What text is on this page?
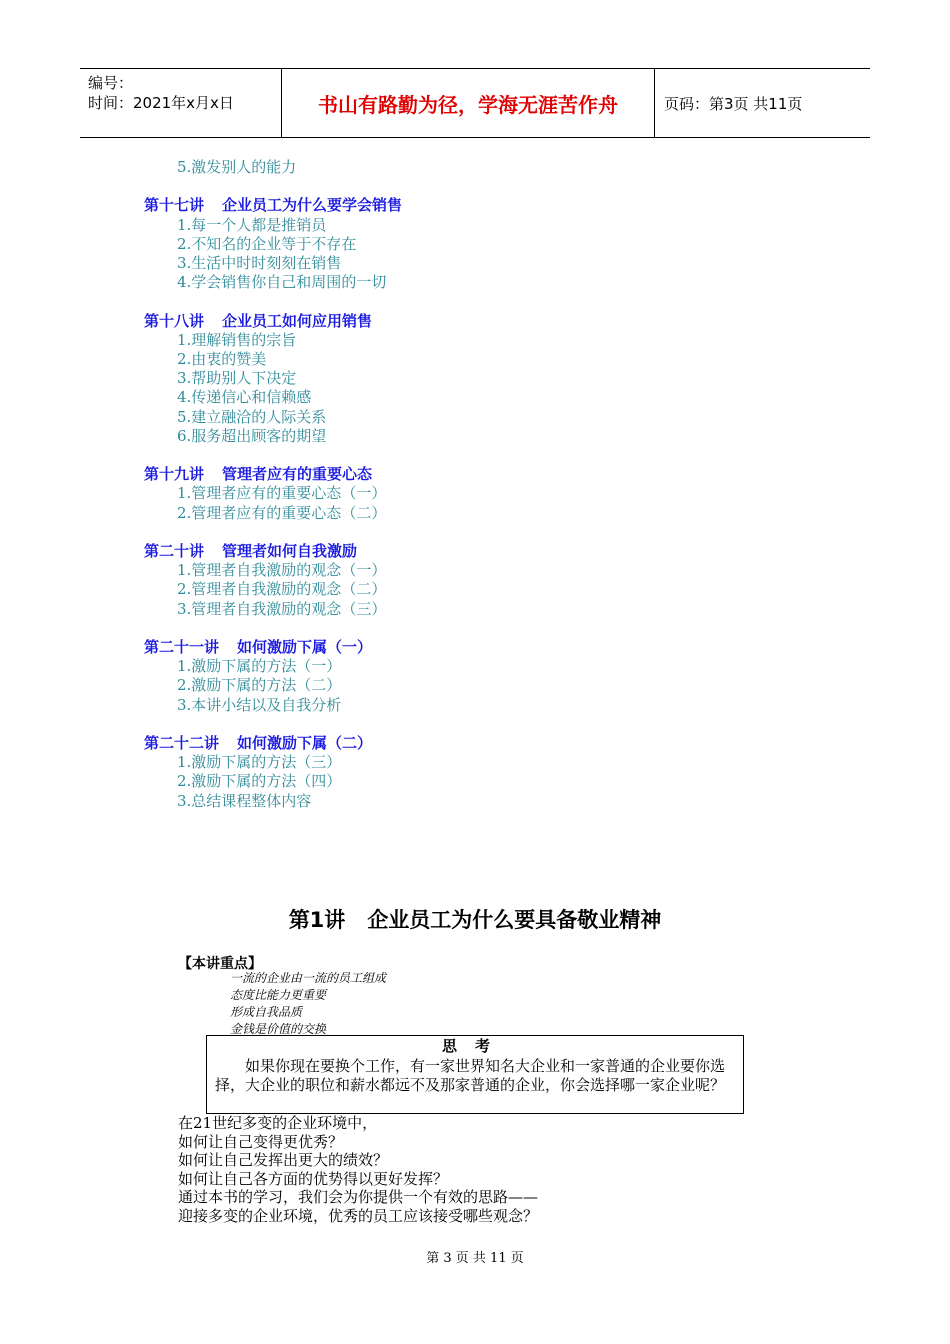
编号：
时间：2021年x月x日	书山有路勤为径，学海无涯苦作舟	页码：第3页 共11页
5.激发别人的能力
第十七讲 企业员工为什么要学会销售
1.每一个人都是推销员
2.不知名的企业等于不存在
3.生活中时时刻刻在销售
4.学会销售你自己和周围的一切
第十八讲 企业员工如何应用销售
1.理解销售的宗旨
2.由衷的赞美
3.帮助别人下决定
4.传递信心和信赖感
5.建立融洽的人际关系
6.服务超出顾客的期望
第十九讲 管理者应有的重要心态
1.管理者应有的重要心态（一）
2.管理者应有的重要心态（二）
第二十讲 管理者如何自我激励
1.管理者自我激励的观念（一）
2.管理者自我激励的观念（二）
3.管理者自我激励的观念（三）
第二十一讲 如何激励下属（一）
1.激励下属的方法（一）
2.激励下属的方法（二）
3.本讲小结以及自我分析
第二十二讲 如何激励下属（二）
1.激励下属的方法（三）
2.激励下属的方法（四）
3.总结课程整体内容
第1讲 企业员工为什么要具备敬业精神
【本讲重点】
一流的企业由一流的员工组成
态度比能力更重要
形成自我品质
金钱是价值的交换
思考
如果你现在要换个工作，有一家世界知名大企业和一家普通的企业要你选择，大企业的职位和薪水都远不及那家普通的企业，你会选择哪一家企业呢？
在21世纪多变的企业环境中，
如何让自己变得更优秀？
如何让自己发挥出更大的绩效？
如何让自己各方面的优势得以更好发挥？
通过本书的学习，我们会为你提供一个有效的思路——
迎接多变的企业环境，优秀的员工应该接受哪些观念？
第 3 页 共 11 页
